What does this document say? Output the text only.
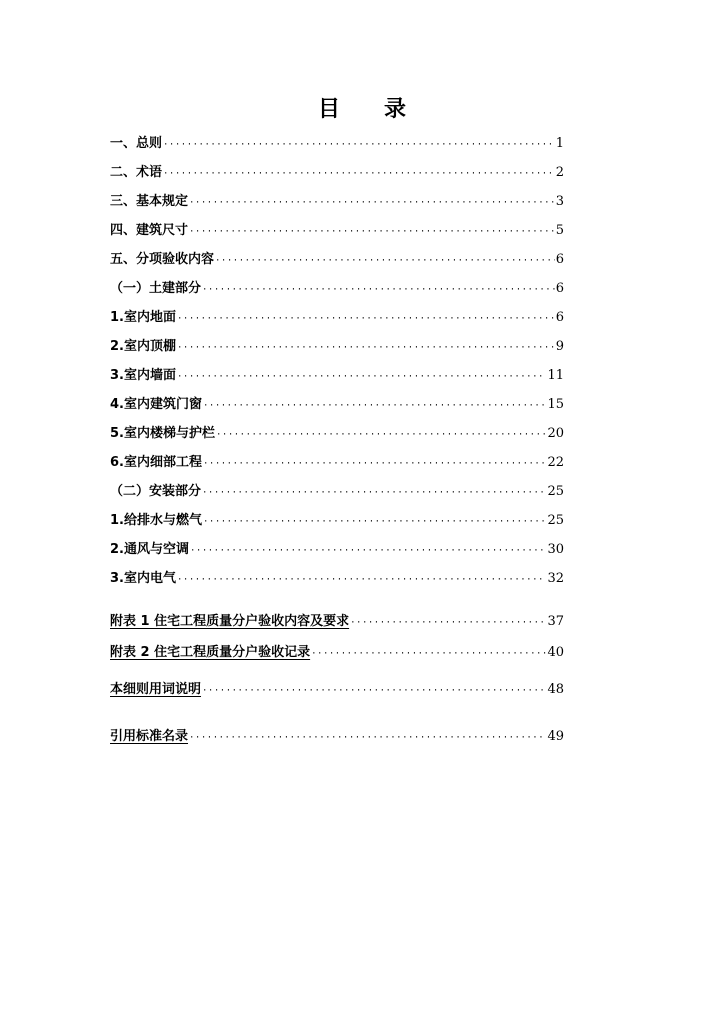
目 录
一、总则 ·····	1
二、术语 ·····	2
三、基本规定 ·····	3
四、建筑尺寸 ·····	5
五、分项验收内容 ·····	6
（一）土建部分 ·····	6
1.室内地面 ·····	6
2.室内顶棚 ·····	9
3.室内墙面 ·····	11
4.室内建筑门窗 ·····	15
5.室内楼梯与护栏 ·····	20
6.室内细部工程 ·····	22
（二）安装部分 ·····	25
1.给排水与燃气 ·····	25
2.通风与空调 ·····	30
3.室内电气 ·····	32
附表 1 住宅工程质量分户验收内容及要求 ·····	37
附表 2 住宅工程质量分户验收记录 ·····	40
本细则用词说明 ·····	48
引用标准名录 ·····	49
